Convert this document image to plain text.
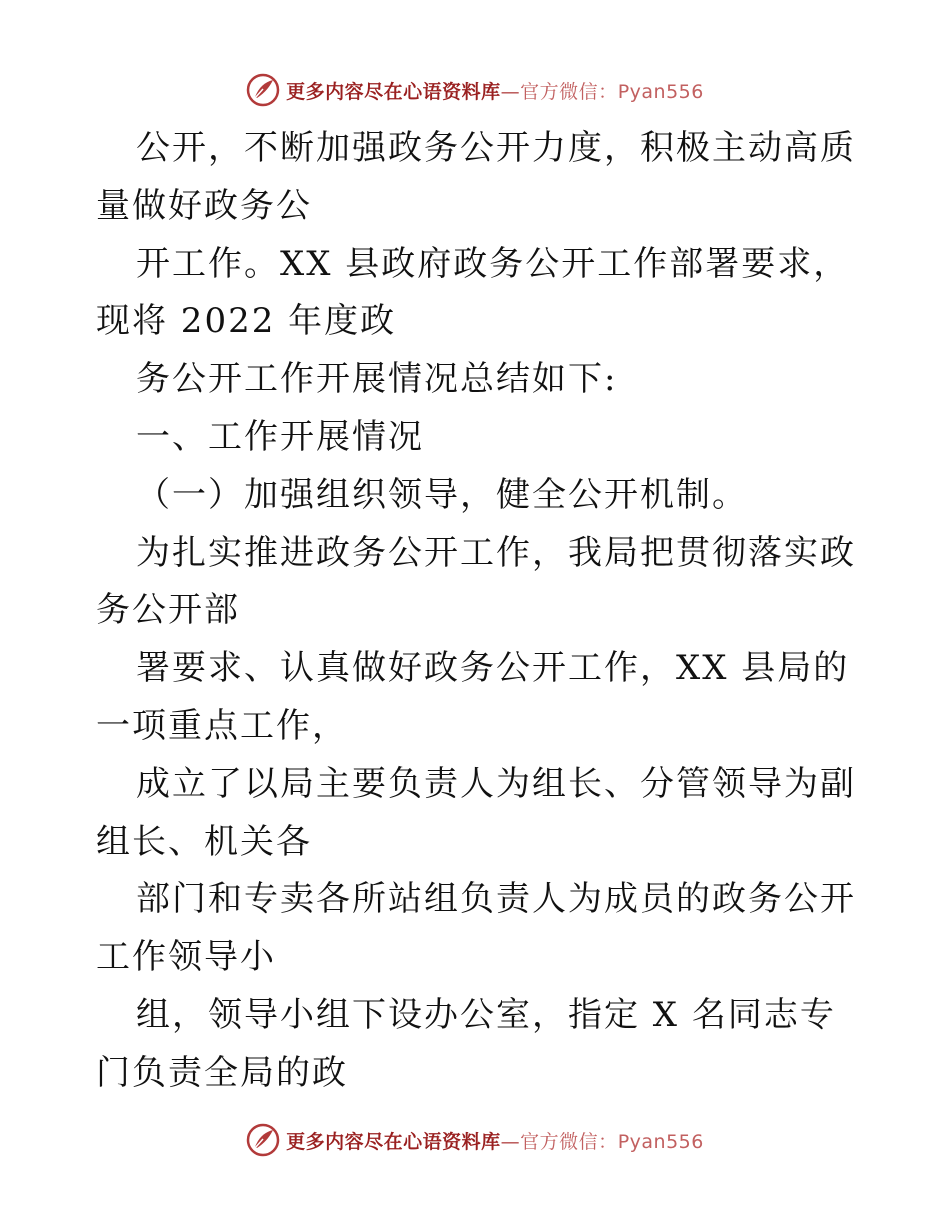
更多内容尽在心语资料库—官方微信：Pyan556

公开，不断加强政务公开力度，积极主动高质量做好政务公

开工作。XX 县政府政务公开工作部署要求，现将 2022 年度政

务公开工作开展情况总结如下:

一、工作开展情况

（一）加强组织领导，健全公开机制。

为扎实推进政务公开工作，我局把贯彻落实政务公开部

署要求、认真做好政务公开工作，XX 县局的一项重点工作，

成立了以局主要负责人为组长、分管领导为副组长、机关各

部门和专卖各所站组负责人为成员的政务公开工作领导小

组，领导小组下设办公室，指定 X 名同志专门负责全局的政

更多内容尽在心语资料库—官方微信：Pyan556
